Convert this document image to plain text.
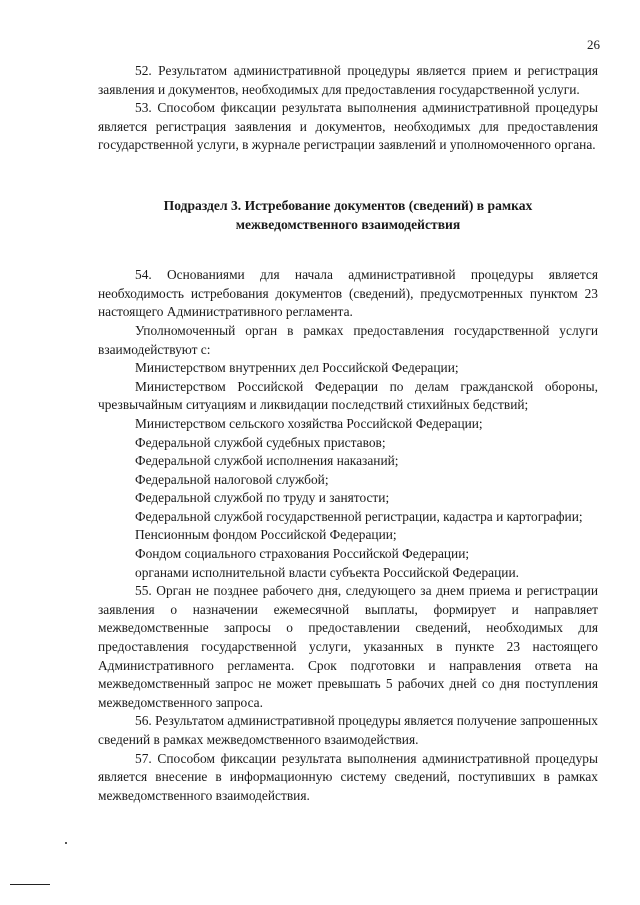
26

52. Результатом административной процедуры является прием и регистрация заявления и документов, необходимых для предоставления государственной услуги.

53. Способом фиксации результата выполнения административной процедуры является регистрация заявления и документов, необходимых для предоставления государственной услуги, в журнале регистрации заявлений и уполномоченного органа.

Подраздел 3. Истребование документов (сведений) в рамках межведомственного взаимодействия

54. Основаниями для начала административной процедуры является необходимость истребования документов (сведений), предусмотренных пунктом 23 настоящего Административного регламента.

Уполномоченный орган в рамках предоставления государственной услуги взаимодействуют с:

Министерством внутренних дел Российской Федерации;

Министерством Российской Федерации по делам гражданской обороны, чрезвычайным ситуациям и ликвидации последствий стихийных бедствий;

Министерством сельского хозяйства Российской Федерации;

Федеральной службой судебных приставов;

Федеральной службой исполнения наказаний;

Федеральной налоговой службой;

Федеральной службой по труду и занятости;

Федеральной службой государственной регистрации, кадастра и картографии;

Пенсионным фондом Российской Федерации;

Фондом социального страхования Российской Федерации;

органами исполнительной власти субъекта Российской Федерации.

55. Орган не позднее рабочего дня, следующего за днем приема и регистрации заявления о назначении ежемесячной выплаты, формирует и направляет межведомственные запросы о предоставлении сведений, необходимых для предоставления государственной услуги, указанных в пункте 23 настоящего Административного регламента. Срок подготовки и направления ответа на межведомственный запрос не может превышать 5 рабочих дней со дня поступления межведомственного запроса.

56. Результатом административной процедуры является получение запрошенных сведений в рамках межведомственного взаимодействия.

57. Способом фиксации результата выполнения административной процедуры является внесение в информационную систему сведений, поступивших в рамках межведомственного взаимодействия.
